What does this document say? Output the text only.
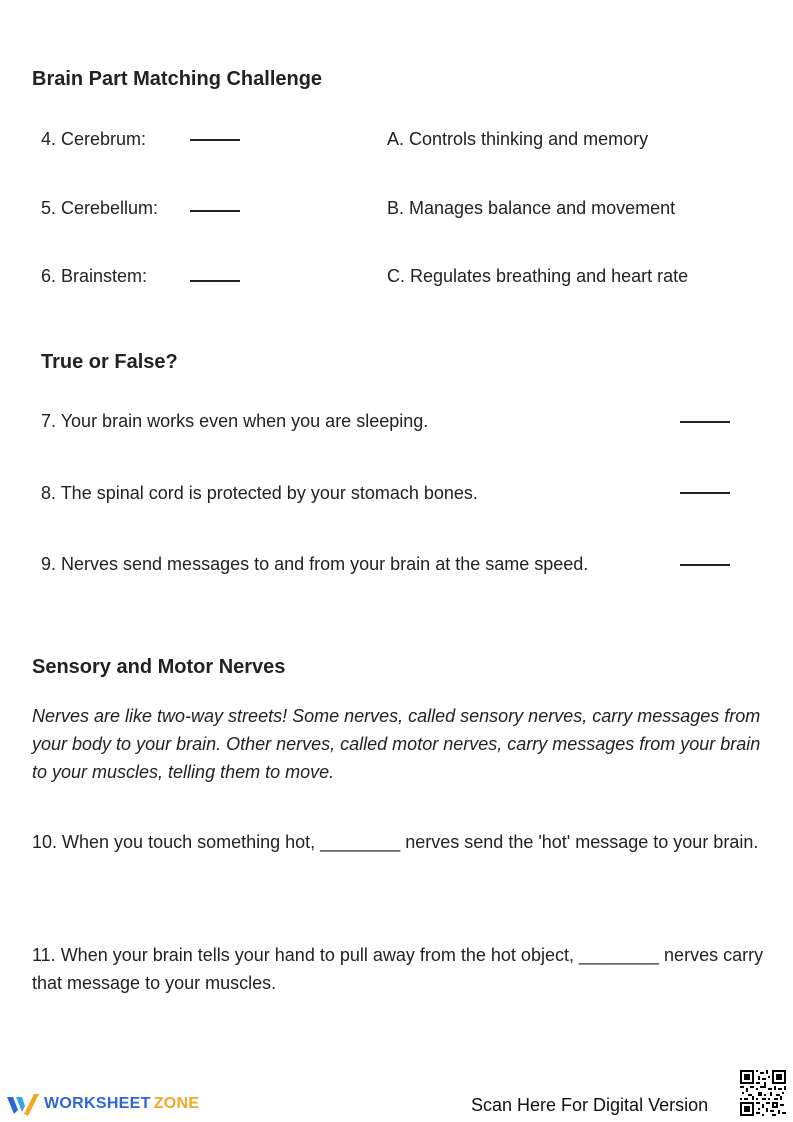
Brain Part Matching Challenge
4. Cerebrum:	A. Controls thinking and memory
5. Cerebellum:	B. Manages balance and movement
6. Brainstem:	C. Regulates breathing and heart rate
True or False?
7. Your brain works even when you are sleeping.
8. The spinal cord is protected by your stomach bones.
9. Nerves send messages to and from your brain at the same speed.
Sensory and Motor Nerves
Nerves are like two-way streets! Some nerves, called sensory nerves, carry messages from your body to your brain. Other nerves, called motor nerves, carry messages from your brain to your muscles, telling them to move.
10. When you touch something hot, ________ nerves send the 'hot' message to your brain.
11. When your brain tells your hand to pull away from the hot object, ________ nerves carry that message to your muscles.
WORKSHEET ZONE	Scan Here For Digital Version
